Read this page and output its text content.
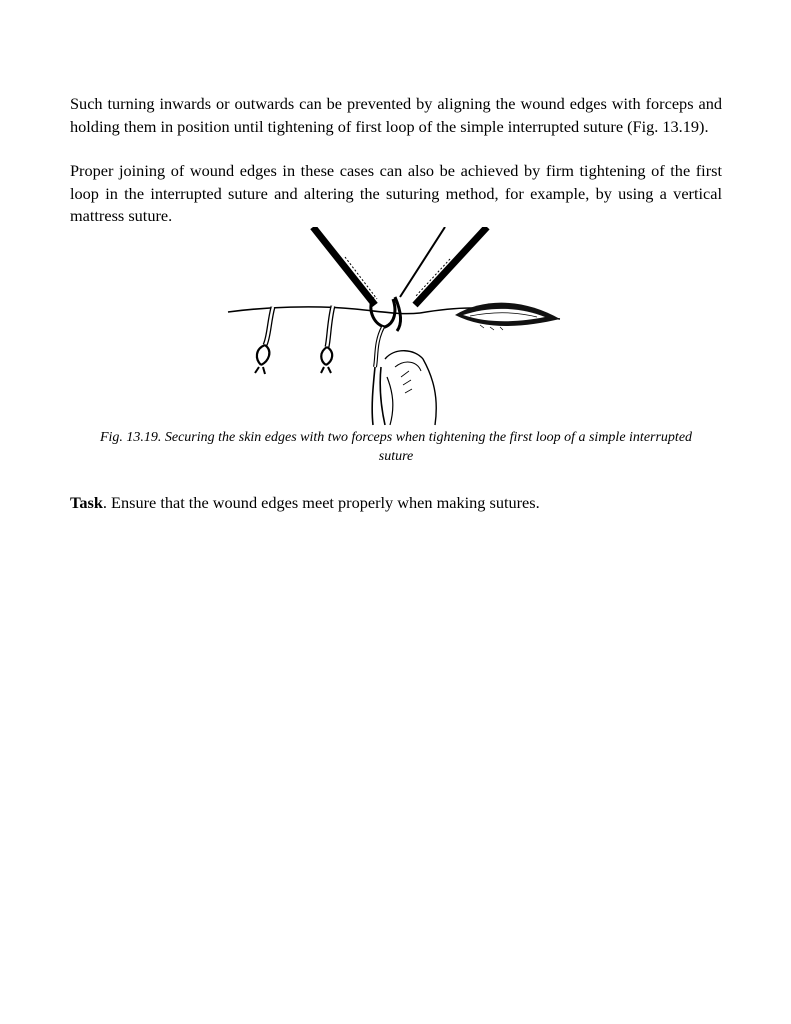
Such turning inwards or outwards can be prevented by aligning the wound edges with forceps and holding them in position until tightening of first loop of the simple interrupted suture (Fig. 13.19).

Proper joining of wound edges in these cases can also be achieved by firm tightening of the first loop in the interrupted suture and altering the suturing method, for example, by using a vertical mattress suture.

Fig. 13.19. Securing the skin edges with two forceps when tightening the first loop of a simple interrupted suture

Task. Ensure that the wound edges meet properly when making sutures.
